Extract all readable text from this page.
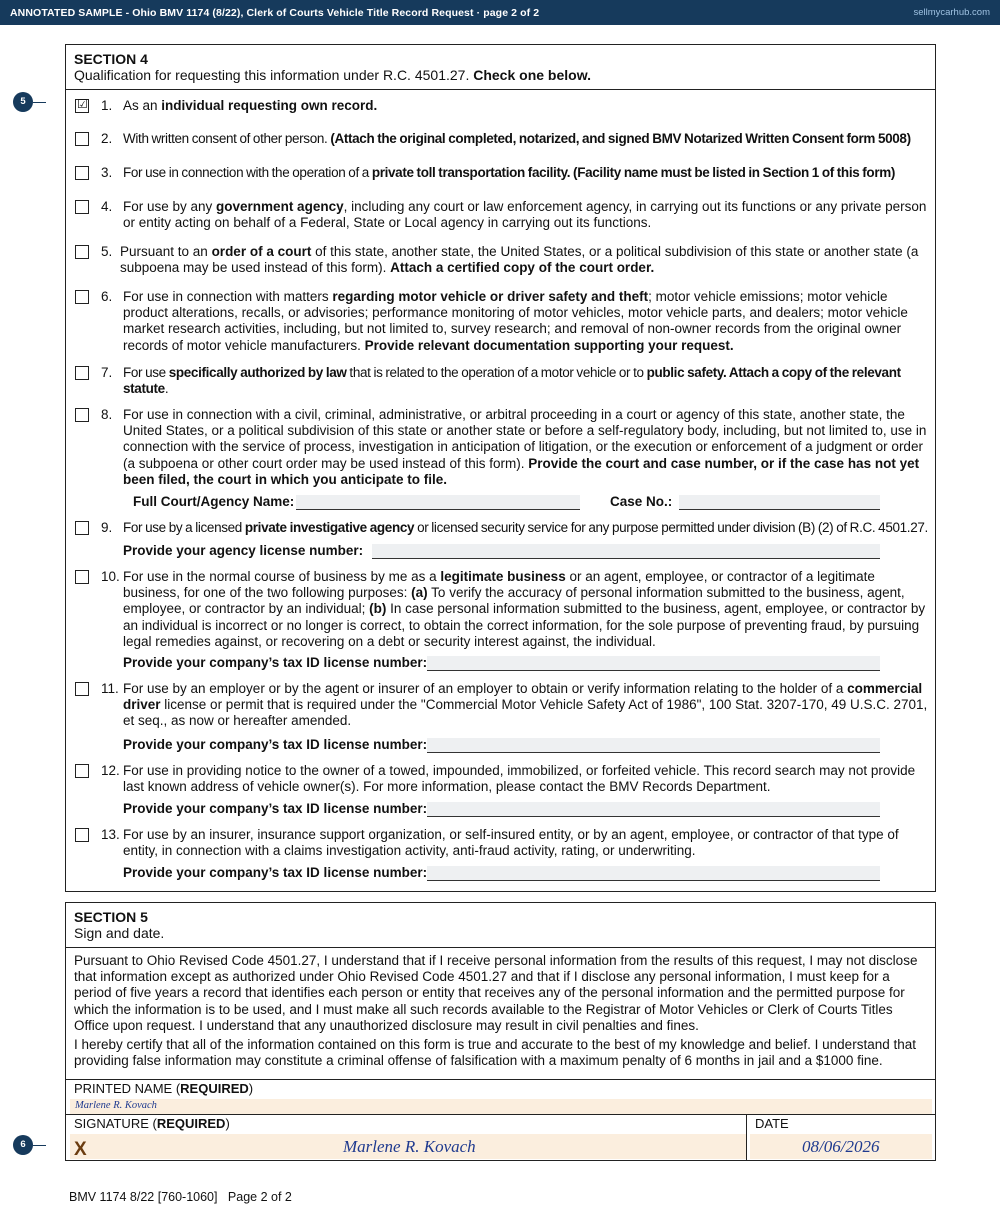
ANNOTATED SAMPLE - Ohio BMV 1174 (8/22), Clerk of Courts Vehicle Title Record Request · page 2 of 2	sellmycarhub.com
5
6
SECTION 4
Qualification for requesting this information under R.C. 4501.27. Check one below.
☑ 1. As an individual requesting own record.
2. With written consent of other person. (Attach the original completed, notarized, and signed BMV Notarized Written Consent form 5008)
3. For use in connection with the operation of a private toll transportation facility. (Facility name must be listed in Section 1 of this form)
4. For use by any government agency, including any court or law enforcement agency, in carrying out its functions or any private person or entity acting on behalf of a Federal, State or Local agency in carrying out its functions.
5. Pursuant to an order of a court of this state, another state, the United States, or a political subdivision of this state or another state (a subpoena may be used instead of this form). Attach a certified copy of the court order.
6. For use in connection with matters regarding motor vehicle or driver safety and theft; motor vehicle emissions; motor vehicle product alterations, recalls, or advisories; performance monitoring of motor vehicles, motor vehicle parts, and dealers; motor vehicle market research activities, including, but not limited to, survey research; and removal of non-owner records from the original owner records of motor vehicle manufacturers. Provide relevant documentation supporting your request.
7. For use specifically authorized by law that is related to the operation of a motor vehicle or to public safety. Attach a copy of the relevant statute.
8. For use in connection with a civil, criminal, administrative, or arbitral proceeding in a court or agency of this state, another state, the United States, or a political subdivision of this state or another state or before a self-regulatory body, including, but not limited to, use in connection with the service of process, investigation in anticipation of litigation, or the execution or enforcement of a judgment or order (a subpoena or other court order may be used instead of this form). Provide the court and case number, or if the case has not yet been filed, the court in which you anticipate to file.
Full Court/Agency Name:	Case No.:
9. For use by a licensed private investigative agency or licensed security service for any purpose permitted under division (B) (2) of R.C. 4501.27.
Provide your agency license number:
10. For use in the normal course of business by me as a legitimate business or an agent, employee, or contractor of a legitimate business, for one of the two following purposes: (a) To verify the accuracy of personal information submitted to the business, agent, employee, or contractor by an individual; (b) In case personal information submitted to the business, agent, employee, or contractor by an individual is incorrect or no longer is correct, to obtain the correct information, for the sole purpose of preventing fraud, by pursuing legal remedies against, or recovering on a debt or security interest against, the individual.
Provide your company’s tax ID license number:
11. For use by an employer or by the agent or insurer of an employer to obtain or verify information relating to the holder of a commercial driver license or permit that is required under the "Commercial Motor Vehicle Safety Act of 1986", 100 Stat. 3207-170, 49 U.S.C. 2701, et seq., as now or hereafter amended.
Provide your company’s tax ID license number:
12. For use in providing notice to the owner of a towed, impounded, immobilized, or forfeited vehicle. This record search may not provide last known address of vehicle owner(s). For more information, please contact the BMV Records Department.
Provide your company’s tax ID license number:
13. For use by an insurer, insurance support organization, or self-insured entity, or by an agent, employee, or contractor of that type of entity, in connection with a claims investigation activity, anti-fraud activity, rating, or underwriting.
Provide your company’s tax ID license number:
SECTION 5
Sign and date.

Pursuant to Ohio Revised Code 4501.27, I understand that if I receive personal information from the results of this request, I may not disclose that information except as authorized under Ohio Revised Code 4501.27 and that if I disclose any personal information, I must keep for a period of five years a record that identifies each person or entity that receives any of the personal information and the permitted purpose for which the information is to be used, and I must make all such records available to the Registrar of Motor Vehicles or Clerk of Courts Titles Office upon request. I understand that any unauthorized disclosure may result in civil penalties and fines.

I hereby certify that all of the information contained on this form is true and accurate to the best of my knowledge and belief. I understand that providing false information may constitute a criminal offense of falsification with a maximum penalty of 6 months in jail and a $1000 fine.

PRINTED NAME (REQUIRED)
Marlene R. Kovach
SIGNATURE (REQUIRED)
X	Marlene R. Kovach
DATE
08/06/2026
BMV 1174 8/22 [760-1060] Page 2 of 2
